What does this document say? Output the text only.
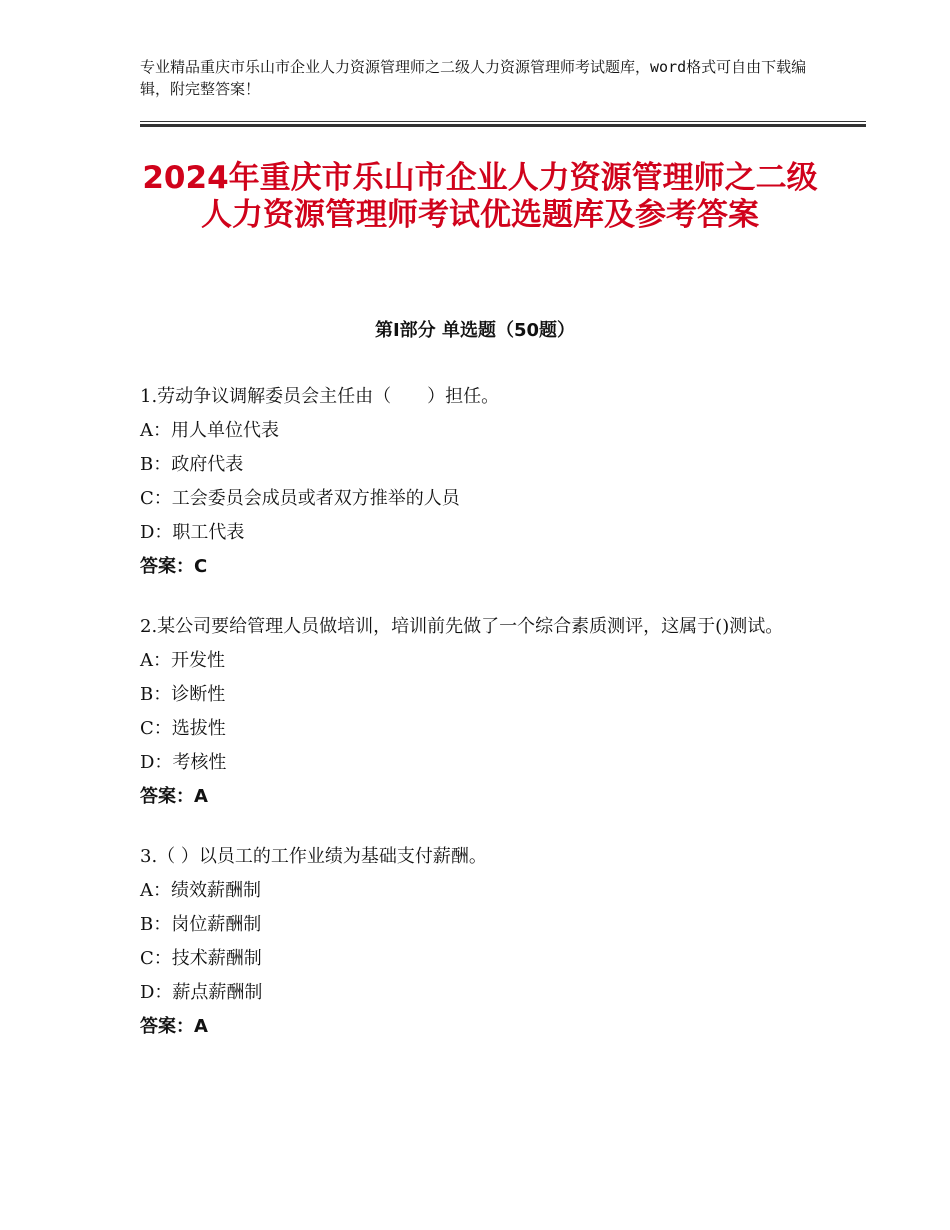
专业精品重庆市乐山市企业人力资源管理师之二级人力资源管理师考试题库，word格式可自由下载编辑，附完整答案！
2024年重庆市乐山市企业人力资源管理师之二级人力资源管理师考试优选题库及参考答案
第Ⅰ部分 单选题（50题）
1.劳动争议调解委员会主任由（　　）担任。
A：用人单位代表
B：政府代表
C：工会委员会成员或者双方推举的人员
D：职工代表
答案：C
2.某公司要给管理人员做培训，培训前先做了一个综合素质测评，这属于()测试。
A：开发性
B：诊断性
C：选拔性
D：考核性
答案：A
3.（ ）以员工的工作业绩为基础支付薪酬。
A：绩效薪酬制
B：岗位薪酬制
C：技术薪酬制
D：薪点薪酬制
答案：A
